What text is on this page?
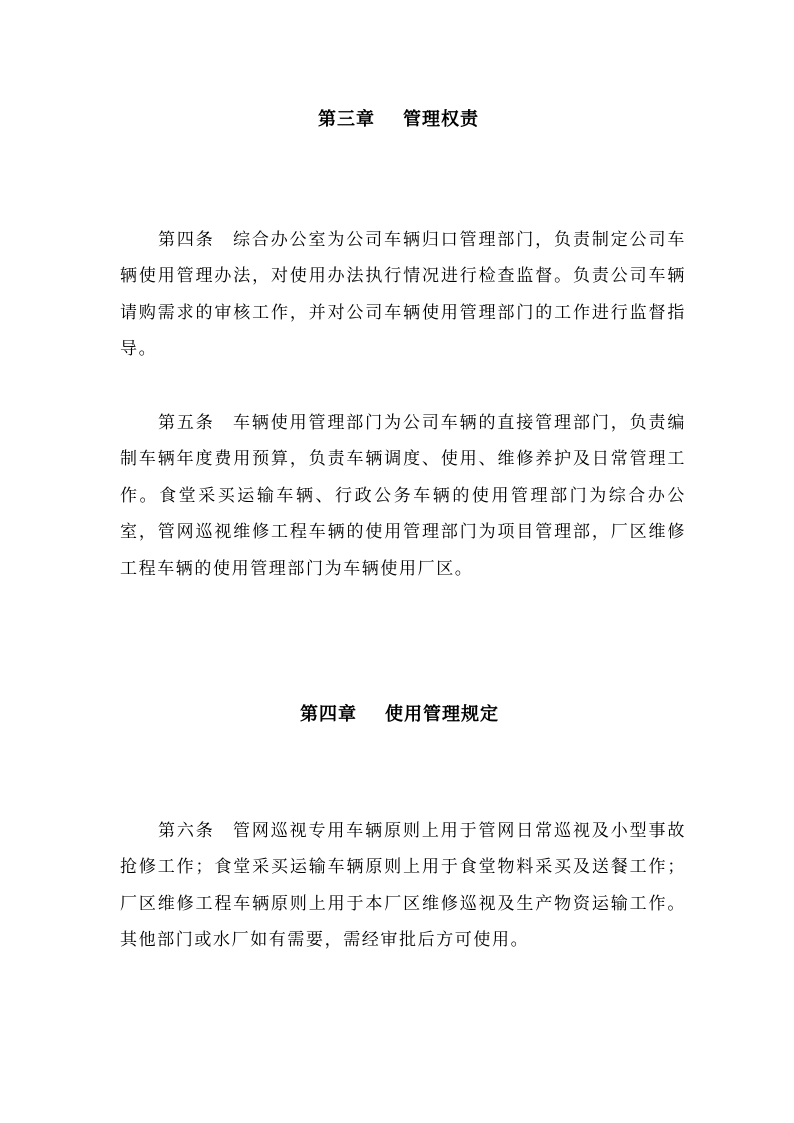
第三章 管理权责
第四条 综合办公室为公司车辆归口管理部门，负责制定公司车辆使用管理办法，对使用办法执行情况进行检查监督。负责公司车辆请购需求的审核工作，并对公司车辆使用管理部门的工作进行监督指导。
第五条 车辆使用管理部门为公司车辆的直接管理部门，负责编制车辆年度费用预算，负责车辆调度、使用、维修养护及日常管理工作。食堂采买运输车辆、行政公务车辆的使用管理部门为综合办公室，管网巡视维修工程车辆的使用管理部门为项目管理部，厂区维修工程车辆的使用管理部门为车辆使用厂区。
第四章 使用管理规定
第六条 管网巡视专用车辆原则上用于管网日常巡视及小型事故抢修工作；食堂采买运输车辆原则上用于食堂物料采买及送餐工作；厂区维修工程车辆原则上用于本厂区维修巡视及生产物资运输工作。其他部门或水厂如有需要，需经审批后方可使用。
